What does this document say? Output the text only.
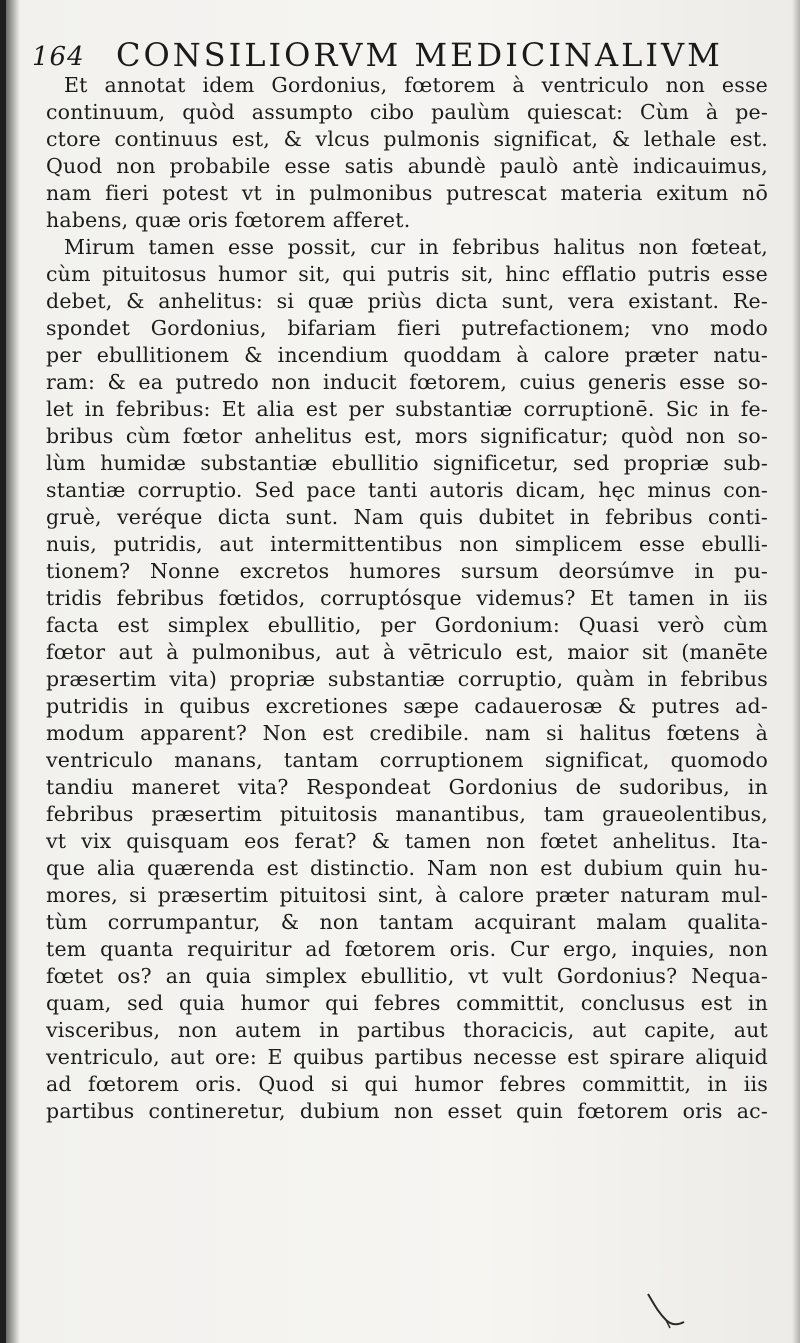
164 CONSILIORVM MEDICINALIVM
Et annotat idem Gordonius, fœtorem à ventriculo non esse
continuum, quòd assumpto cibo paulùm quiescat: Cùm à pe-
ctore continuus est, & vlcus pulmonis significat, & lethale est.
Quod non probabile esse satis abundè paulò antè indicauimus,
nam fieri potest vt in pulmonibus putrescat materia exitum nō
habens, quæ oris fœtorem afferet.
Mirum tamen esse possit, cur in febribus halitus non fœteat,
cùm pituitosus humor sit, qui putris sit, hinc efflatio putris esse
debet, & anhelitus: si quæ priùs dicta sunt, vera existant. Re-
spondet Gordonius, bifariam fieri putrefactionem; vno modo
per ebullitionem & incendium quoddam à calore præter natu-
ram: & ea putredo non inducit fœtorem, cuius generis esse so-
let in febribus: Et alia est per substantiæ corruptionē. Sic in fe-
bribus cùm fœtor anhelitus est, mors significatur; quòd non so-
lùm humidæ substantiæ ebullitio significetur, sed propriæ sub-
stantiæ corruptio. Sed pace tanti autoris dicam, hęc minus con-
gruè, veréque dicta sunt. Nam quis dubitet in febribus conti-
nuis, putridis, aut intermittentibus non simplicem esse ebulli-
tionem? Nonne excretos humores sursum deorsúmve in pu-
tridis febribus fœtidos, corruptósque videmus? Et tamen in iis
facta est simplex ebullitio, per Gordonium: Quasi verò cùm
fœtor aut à pulmonibus, aut à vētriculo est, maior sit (manēte
præsertim vita) propriæ substantiæ corruptio, quàm in febribus
putridis in quibus excretiones sæpe cadauerosæ & putres ad-
modum apparent? Non est credibile. nam si halitus fœtens à
ventriculo manans, tantam corruptionem significat, quomodo
tandiu maneret vita? Respondeat Gordonius de sudoribus, in
febribus præsertim pituitosis manantibus, tam graueolentibus,
vt vix quisquam eos ferat? & tamen non fœtet anhelitus. Ita-
que alia quærenda est distinctio. Nam non est dubium quin hu-
mores, si præsertim pituitosi sint, à calore præter naturam mul-
tùm corrumpantur, & non tantam acquirant malam qualita-
tem quanta requiritur ad fœtorem oris. Cur ergo, inquies, non
fœtet os? an quia simplex ebullitio, vt vult Gordonius? Nequa-
quam, sed quia humor qui febres committit, conclusus est in
visceribus, non autem in partibus thoracicis, aut capite, aut
ventriculo, aut ore: E quibus partibus necesse est spirare aliquid
ad fœtorem oris. Quod si qui humor febres committit, in iis
partibus contineretur, dubium non esset quin fœtorem oris ac-
